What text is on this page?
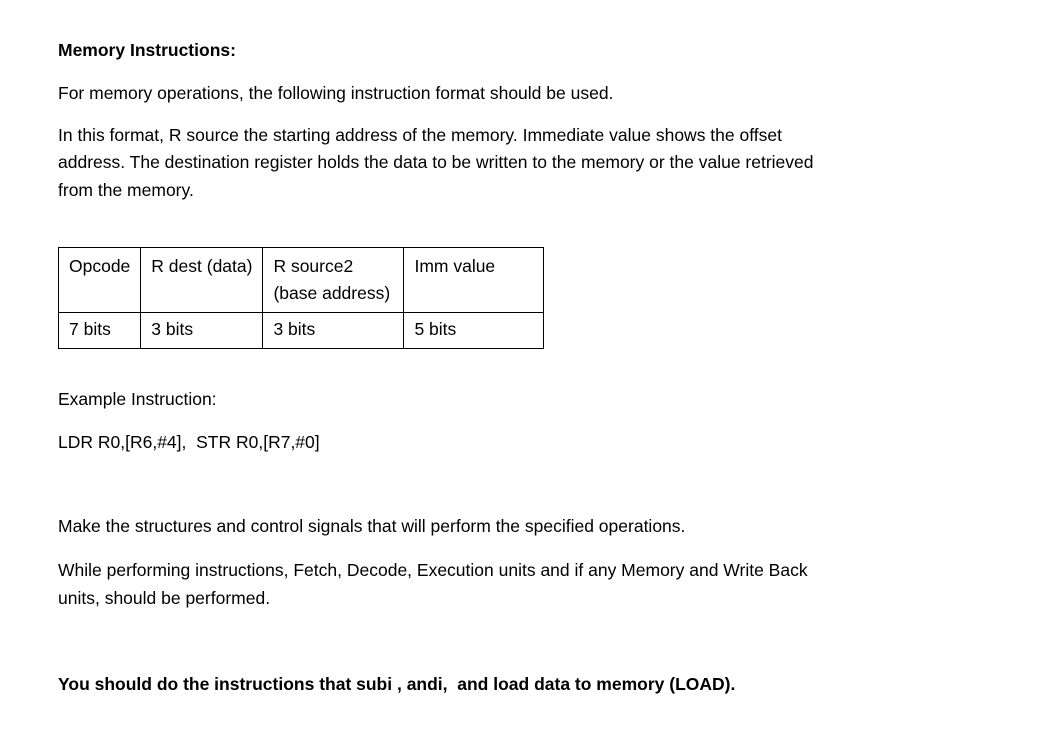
Memory Instructions:
For memory operations, the following instruction format should be used.
In this format, R source the starting address of the memory. Immediate value shows the offset
address. The destination register holds the data to be written to the memory or the value retrieved
from the memory.
Opcode	R dest (data)	R source2 (base address)	Imm value
7 bits	3 bits	3 bits	5 bits
Example Instruction:
LDR R0,[R6,#4],  STR R0,[R7,#0]
Make the structures and control signals that will perform the specified operations.
While performing instructions, Fetch, Decode, Execution units and if any Memory and Write Back
units, should be performed.
You should do the instructions that subi , andi,  and load data to memory (LOAD).
